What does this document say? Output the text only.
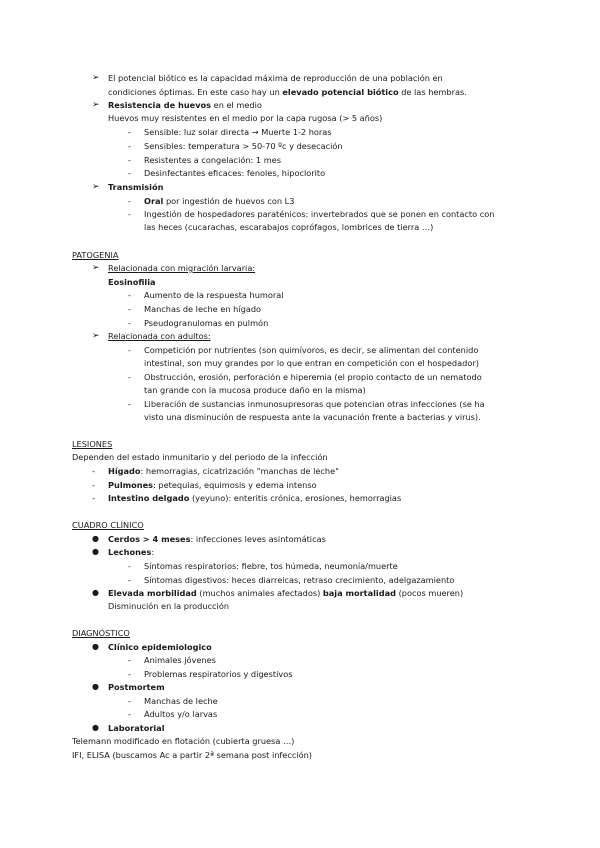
➢ El potencial biótico es la capacidad máxima de reproducción de una población en
condiciones óptimas. En este caso hay un elevado potencial biótico de las hembras.
➢ Resistencia de huevos en el medio
Huevos muy resistentes en el medio por la capa rugosa (> 5 años)
- Sensible: luz solar directa → Muerte 1-2 horas
- Sensibles: temperatura > 50-70 ºc y desecación
- Resistentes a congelación: 1 mes
- Desinfectantes eficaces: fenoles, hipoclorito
➢ Transmisión
- Oral por ingestión de huevos con L3
- Ingestión de hospedadores paraténicos: invertebrados que se ponen en contacto con
las heces (cucarachas, escarabajos coprófagos, lombrices de tierra …)
PATOGENIA
➢ Relacionada con migración larvaria:
Eosinofilia
- Aumento de la respuesta humoral
- Manchas de leche en hígado
- Pseudogranulomas en pulmón
➢ Relacionada con adultos:
- Competición por nutrientes (son quimívoros, es decir, se alimentan del contenido
intestinal, son muy grandes por lo que entran en competición con el hospedador)
- Obstrucción, erosión, perforación e hiperemia (el propio contacto de un nematodo
tan grande con la mucosa produce daño en la misma)
- Liberación de sustancias inmunosupresoras que potencian otras infecciones (se ha
visto una disminución de respuesta ante la vacunación frente a bacterias y virus).
LESIONES
Dependen del estado inmunitario y del periodo de la infección
- Hígado: hemorragias, cicatrización "manchas de leche"
- Pulmones: petequias, equimosis y edema intenso
- Intestino delgado (yeyuno): enteritis crónica, erosiones, hemorragias
CUADRO CLÍNICO
● Cerdos > 4 meses: infecciones leves asintomáticas
● Lechones:
- Síntomas respiratorios: fiebre, tos húmeda, neumonía/muerte
- Síntomas digestivos: heces diarreicas, retraso crecimiento, adelgazamiento
● Elevada morbilidad (muchos animales afectados) baja mortalidad (pocos mueren)
Disminución en la producción
DIAGNÓSTICO
● Clínico epidemiologico
- Animales jóvenes
- Problemas respiratorios y digestivos
● Postmortem
- Manchas de leche
- Adultos y/o larvas
● Laboratorial
Telemann modificado en flotación (cubierta gruesa …)
IFI, ELISA (buscamos Ac a partir 2ª semana post infección)
